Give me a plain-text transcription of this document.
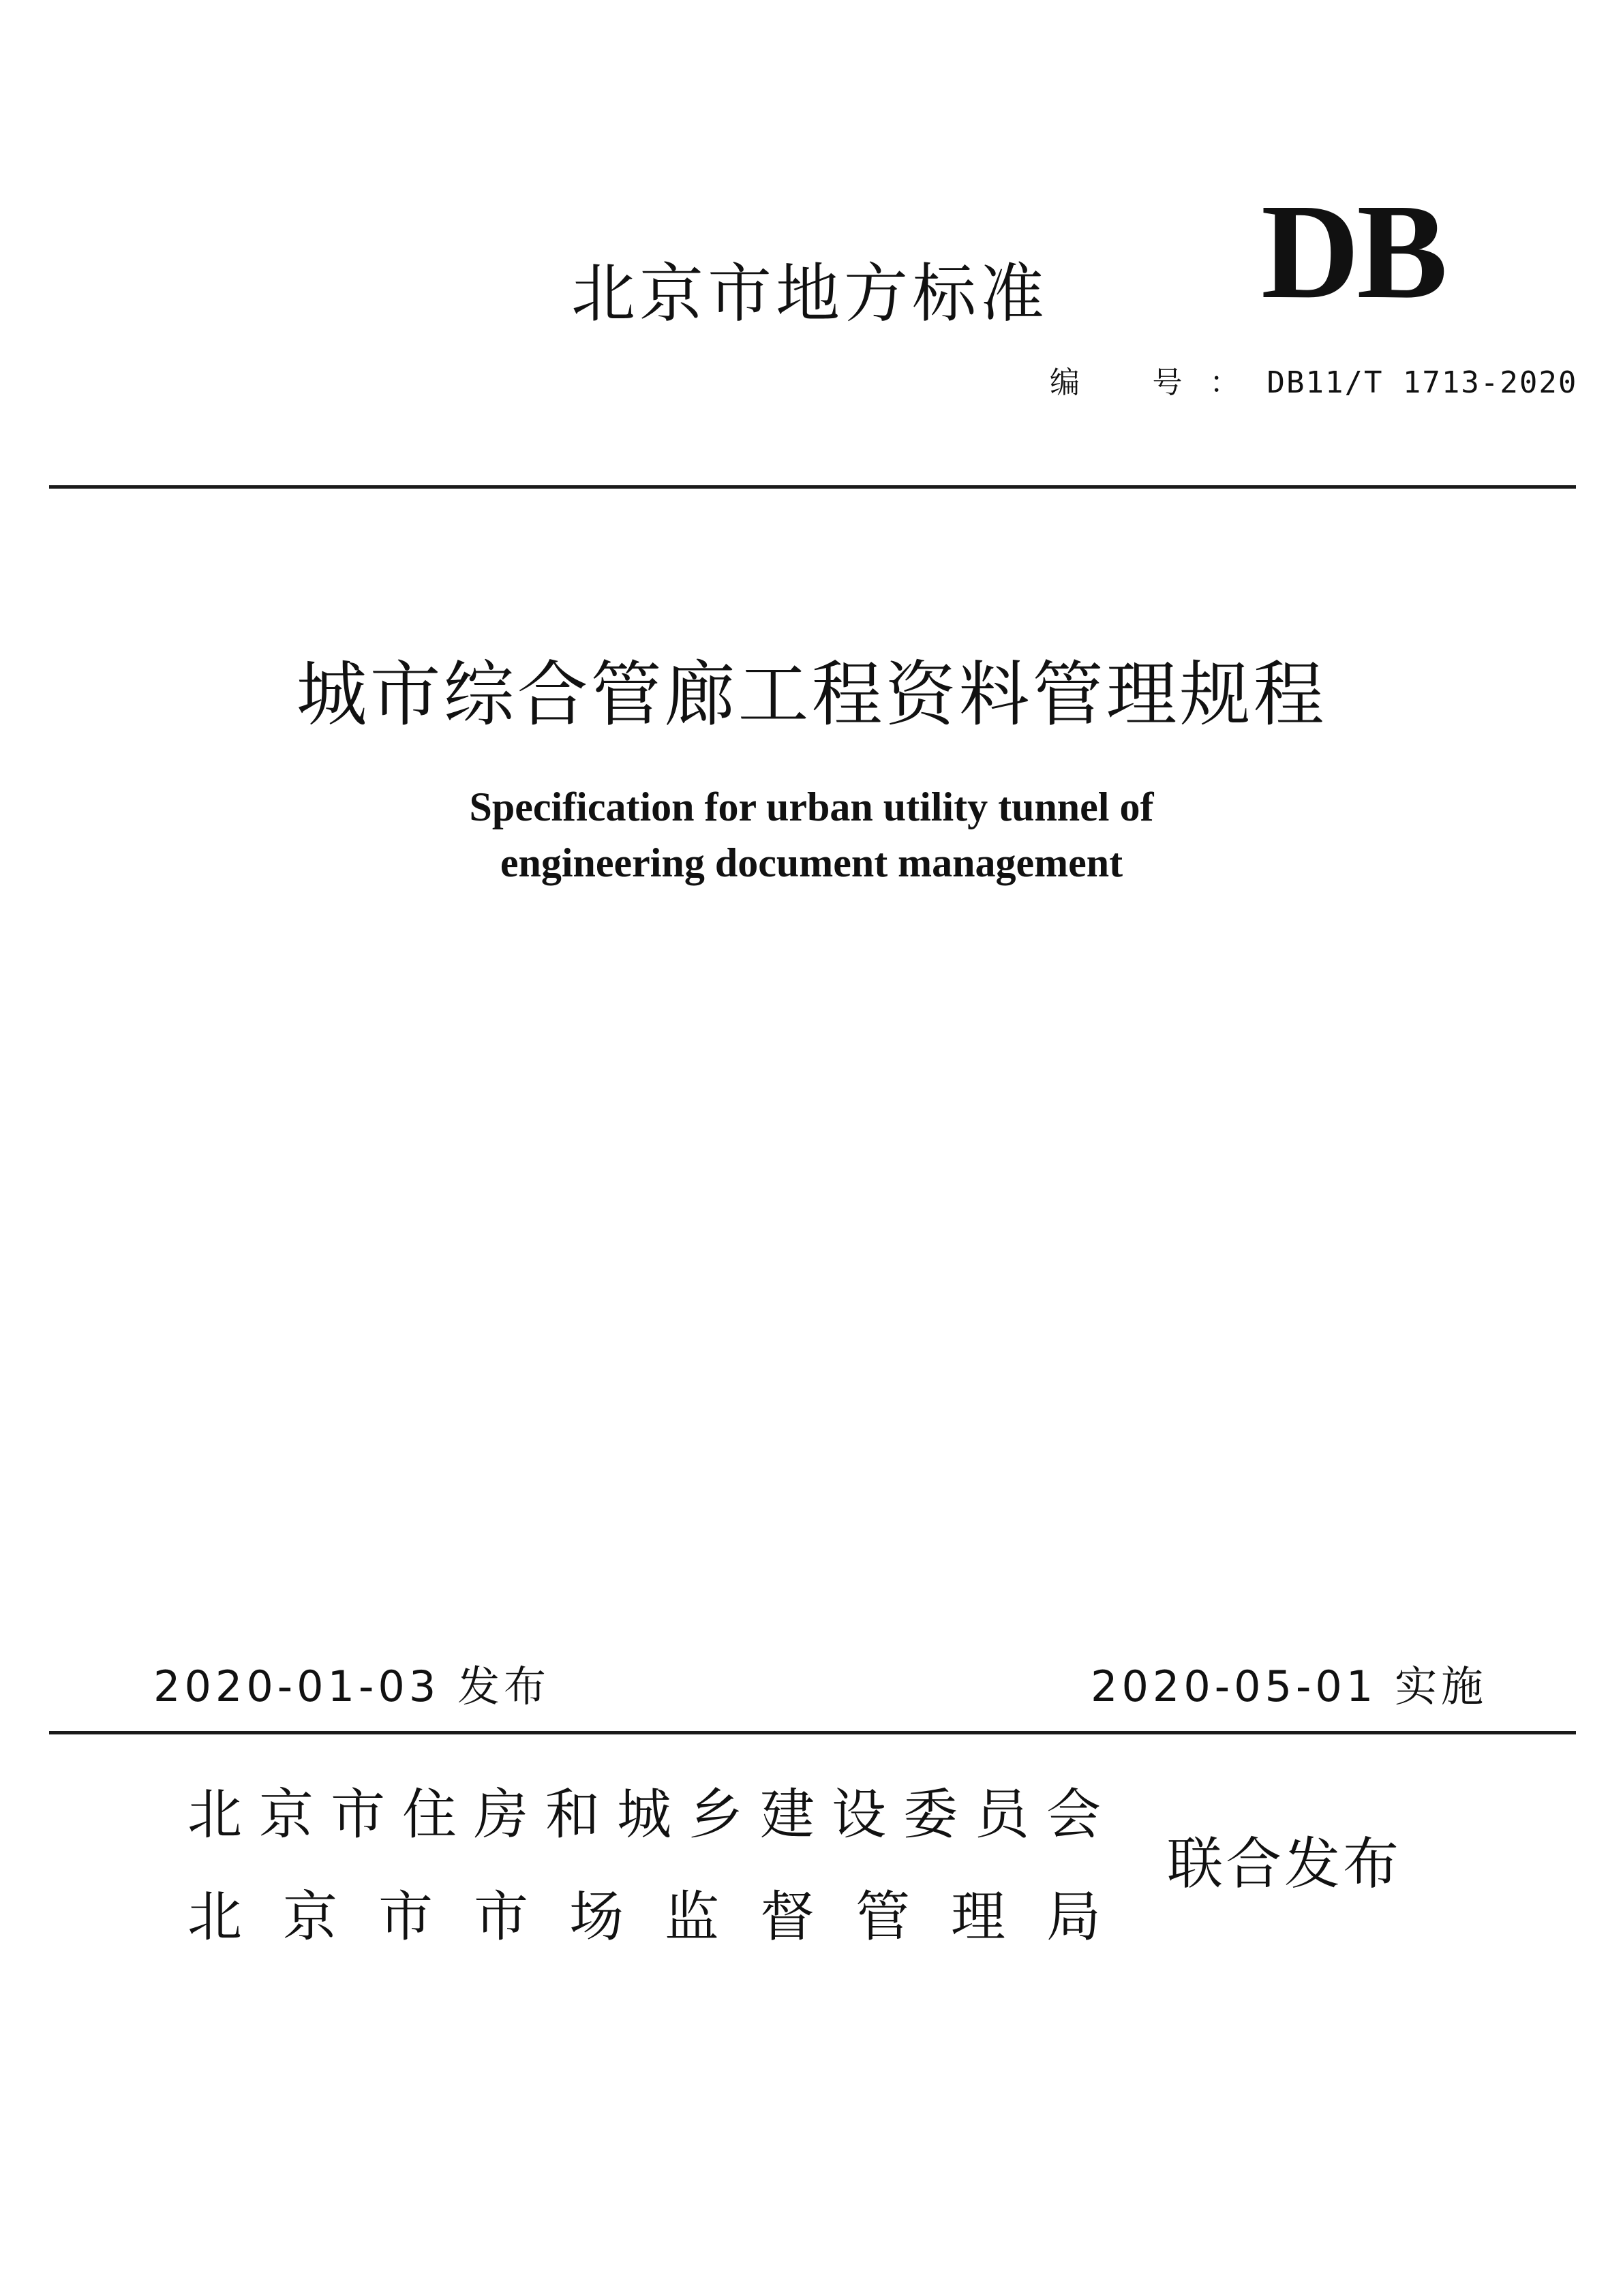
北京市地方标准 DB
编 号：DB11/T 1713-2020
城市综合管廊工程资料管理规程
Specification for urban utility tunnel of
engineering document management
2020-01-03 发布	2020-05-01 实施
北 京 市 住 房 和 城 乡 建 设 委 员 会
北 京 市 市 场 监 督 管 理 局
联合发布
